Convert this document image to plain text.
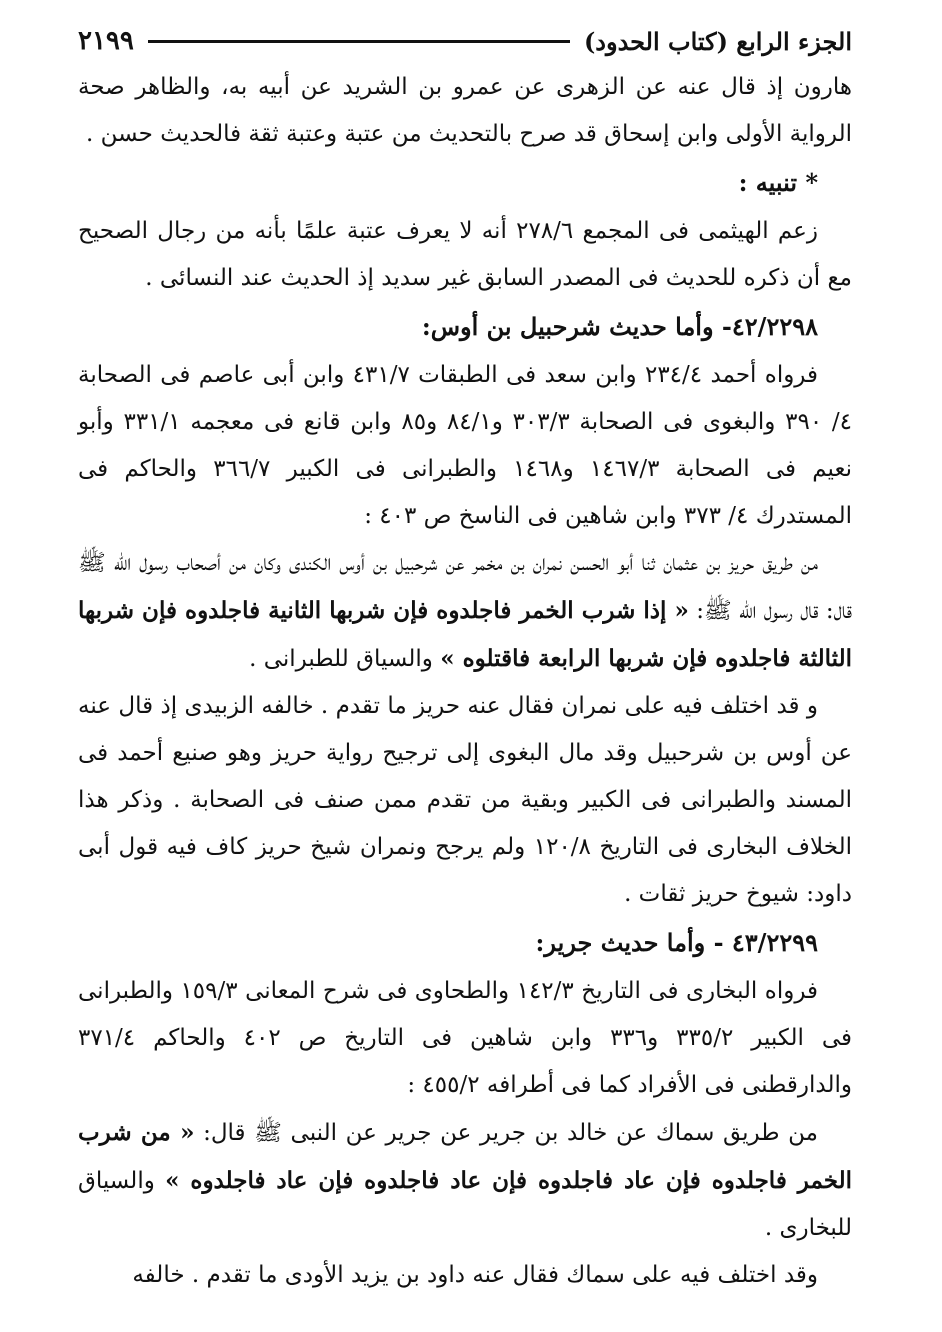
الجزء الرابع (كتاب الحدود)
٢١٩٩

هارون إذ قال عنه عن الزهرى عن عمرو بن الشريد عن أبيه به، والظاهر صحة الرواية الأولى وابن إسحاق قد صرح بالتحديث من عتبة وعتبة ثقة فالحديث حسن .

* تنبيه :

زعم الهيثمى فى المجمع ٢٧٨/٦ أنه لا يعرف عتبة علمًا بأنه من رجال الصحيح مع أن ذكره للحديث فى المصدر السابق غير سديد إذ الحديث عند النسائى .

٤٢/٢٢٩٨- وأما حديث شرحبيل بن أوس:

فرواه أحمد ٢٣٤/٤ وابن سعد فى الطبقات ٤٣١/٧ وابن أبى عاصم فى الصحابة ٤/ ٣٩٠ والبغوى فى الصحابة ٣٠٣/٣ و٨٤/١ و٨٥ وابن قانع فى معجمه ٣٣١/١ وأبو نعيم فى الصحابة ١٤٦٧/٣ و١٤٦٨ والطبرانى فى الكبير ٣٦٦/٧ والحاكم فى المستدرك ٤/ ٣٧٣ وابن شاهين فى الناسخ ص ٤٠٣ :

من طريق حريز بن عثمان ثنا أبو الحسن نمران بن مخمر عن شرحبيل بن أوس الكندى وكان من أصحاب رسول الله ﷺ قال: قال رسول الله ﷺ: « إذا شرب الخمر فاجلدوه فإن شربها الثانية فاجلدوه فإن شربها الثالثة فاجلدوه فإن شربها الرابعة فاقتلوه » والسياق للطبرانى .

و قد اختلف فيه على نمران فقال عنه حريز ما تقدم . خالفه الزبيدى إذ قال عنه عن أوس بن شرحبيل وقد مال البغوى إلى ترجيح رواية حريز وهو صنيع أحمد فى المسند والطبرانى فى الكبير وبقية من تقدم ممن صنف فى الصحابة . وذكر هذا الخلاف البخارى فى التاريخ ١٢٠/٨ ولم يرجح ونمران شيخ حريز كاف فيه قول أبى داود: شيوخ حريز ثقات .

٤٣/٢٢٩٩ - وأما حديث جرير:

فرواه البخارى فى التاريخ ١٤٢/٣ والطحاوى فى شرح المعانى ١٥٩/٣ والطبرانى فى الكبير ٣٣٥/٢ و٣٣٦ وابن شاهين فى التاريخ ص ٤٠٢ والحاكم ٣٧١/٤ والدارقطنى فى الأفراد كما فى أطرافه ٤٥٥/٢ :

من طريق سماك عن خالد بن جرير عن جرير عن النبى ﷺ قال: « من شرب الخمر فاجلدوه فإن عاد فاجلدوه فإن عاد فاجلدوه فإن عاد فاجلدوه » والسياق للبخارى .

وقد اختلف فيه على سماك فقال عنه داود بن يزيد الأودى ما تقدم . خالفه
